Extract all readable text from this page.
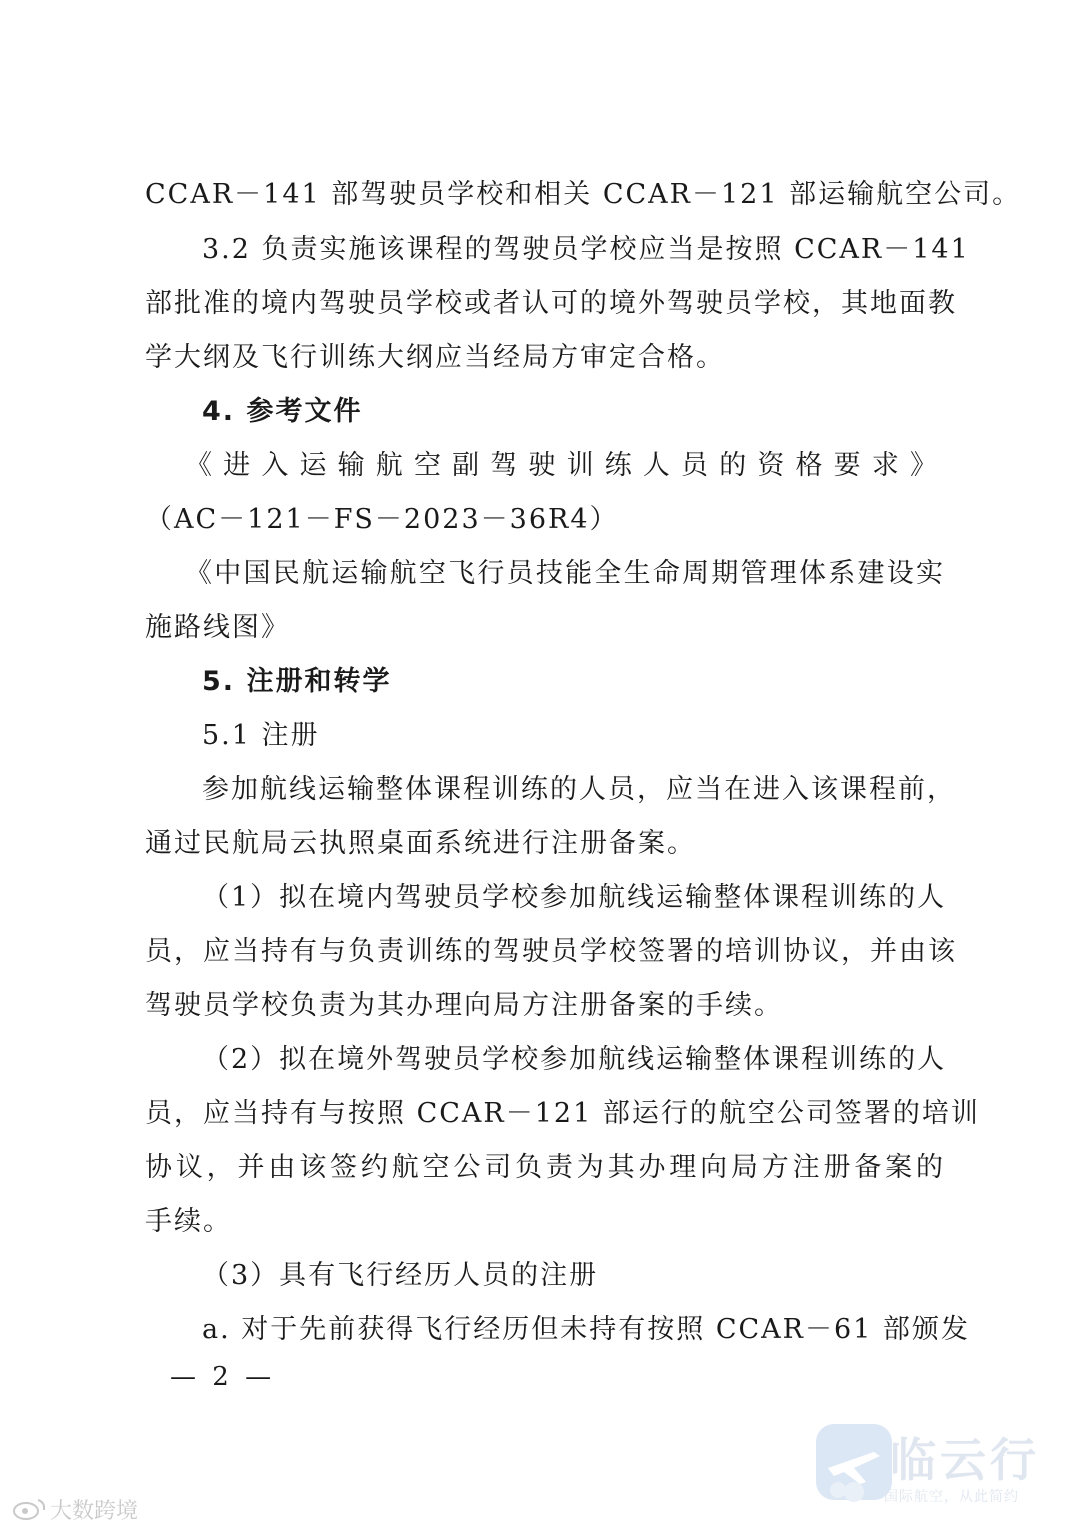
CCAR－141 部驾驶员学校和相关 CCAR－121 部运输航空公司。
3.2 负责实施该课程的驾驶员学校应当是按照 CCAR－141
部批准的境内驾驶员学校或者认可的境外驾驶员学校，其地面教
学大纲及飞行训练大纲应当经局方审定合格。
4. 参考文件
《进入运输航空副驾驶训练人员的资格要求》
（AC－121－FS－2023－36R4）
《中国民航运输航空飞行员技能全生命周期管理体系建设实
施路线图》
5. 注册和转学
5.1 注册
参加航线运输整体课程训练的人员，应当在进入该课程前，
通过民航局云执照桌面系统进行注册备案。
（1）拟在境内驾驶员学校参加航线运输整体课程训练的人
员，应当持有与负责训练的驾驶员学校签署的培训协议，并由该
驾驶员学校负责为其办理向局方注册备案的手续。
（2）拟在境外驾驶员学校参加航线运输整体课程训练的人
员，应当持有与按照 CCAR－121 部运行的航空公司签署的培训
协议，并由该签约航空公司负责为其办理向局方注册备案的
手续。
（3）具有飞行经历人员的注册
a. 对于先前获得飞行经历但未持有按照 CCAR－61 部颁发
— 2 —
临云行
国际航空，从此简约
大数跨境
